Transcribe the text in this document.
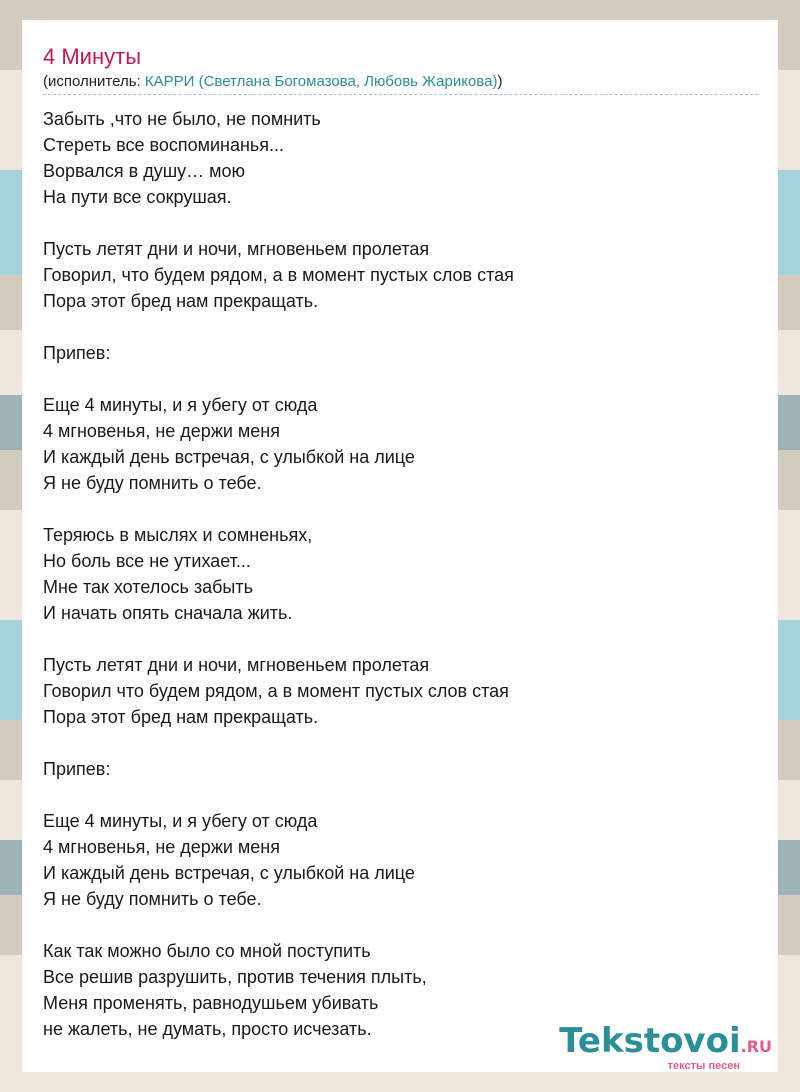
4 Минуты
(исполнитель: КАРРИ (Светлана Богомазова, Любовь Жарикова))
Забыть ,что не было, не помнить
Стереть все воспоминанья...
Ворвался в душу… мою
На пути все сокрушая.
Пусть летят дни и ночи, мгновеньем пролетая
Говорил, что будем рядом, а в момент пустых слов стая
Пора этот бред нам прекращать.
Припев:
Еще 4 минуты, и я убегу от сюда
4 мгновенья, не держи меня
И каждый день встречая, с улыбкой на лице
Я не буду помнить о тебе.
Теряюсь в мыслях и сомненьях,
Но боль все не утихает...
Мне так хотелось забыть
И начать опять сначала жить.
Пусть летят дни и ночи, мгновеньем пролетая
Говорил что будем рядом, а в момент пустых слов стая
Пора этот бред нам прекращать.
Припев:
Еще 4 минуты, и я убегу от сюда
4 мгновенья, не держи меня
И каждый день встречая, с улыбкой на лице
Я не буду помнить о тебе.
Как так можно было со мной поступить
Все решив разрушить, против течения плыть,
Меня променять, равнодушьем убивать
не жалеть, не думать, просто исчезать.	Tekstovoi.RU
тексты песен
